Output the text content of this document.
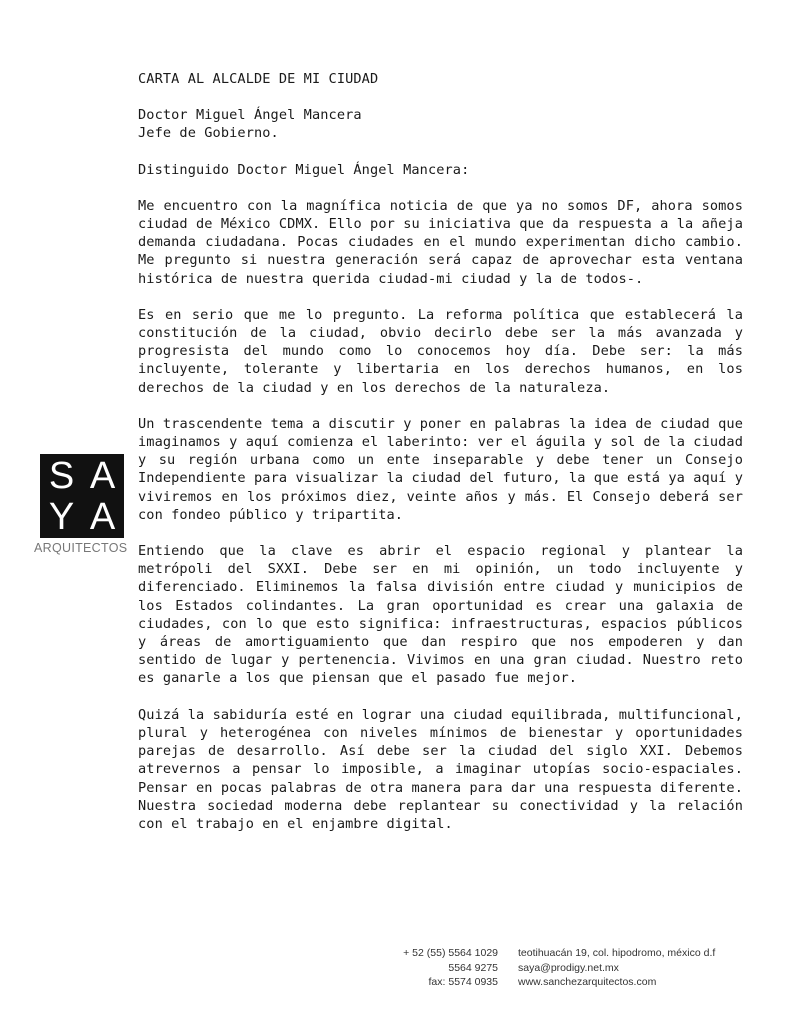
CARTA AL ALCALDE DE MI CIUDAD

Doctor Miguel Ángel Mancera
Jefe de Gobierno.

Distinguido Doctor Miguel Ángel Mancera:

Me encuentro con la magnífica noticia de que ya no somos DF, ahora somos ciudad de México CDMX. Ello por su iniciativa que da respuesta a la añeja demanda ciudadana. Pocas ciudades en el mundo experimentan dicho cambio. Me pregunto si nuestra generación será capaz de aprovechar esta ventana histórica de nuestra querida ciudad-mi ciudad y la de todos-.

Es en serio que me lo pregunto. La reforma política que establecerá la constitución de la ciudad, obvio decirlo debe ser la más avanzada y progresista del mundo como lo conocemos hoy día. Debe ser: la más incluyente, tolerante y libertaria en los derechos humanos, en los derechos de la ciudad y en los derechos de la naturaleza.

Un trascendente tema a discutir y poner en palabras la idea de ciudad que imaginamos y aquí comienza el laberinto: ver el águila y sol de la ciudad y su región urbana como un ente inseparable y debe tener un Consejo Independiente para visualizar la ciudad del futuro, la que está ya aquí y viviremos en los próximos diez, veinte años y más. El Consejo deberá ser con fondeo público y tripartita.

Entiendo que la clave es abrir el espacio regional y plantear la metrópoli del SXXI. Debe ser en mi opinión, un todo incluyente y diferenciado. Eliminemos la falsa división entre ciudad y municipios de los Estados colindantes. La gran oportunidad es crear una galaxia de ciudades, con lo que esto significa: infraestructuras, espacios públicos y áreas de amortiguamiento que dan respiro que nos empoderen y dan sentido de lugar y pertenencia. Vivimos en una gran ciudad. Nuestro reto es ganarle a los que piensan que el pasado fue mejor.

Quizá la sabiduría esté en lograr una ciudad equilibrada, multifuncional, plural y heterogénea con niveles mínimos de bienestar y oportunidades parejas de desarrollo. Así debe ser la ciudad del siglo XXI. Debemos atrevernos a pensar lo imposible, a imaginar utopías socio-espaciales. Pensar en pocas palabras de otra manera para dar una respuesta diferente. Nuestra sociedad moderna debe replantear su conectividad y la relación con el trabajo en el enjambre digital.

S A
Y A
ARQUITECTOS
+ 52 (55) 5564 1029
5564 9275
fax: 5574 0935
teotihuacán 19, col. hipodromo, méxico d.f
saya@prodigy.net.mx
www.sanchezarquitectos.com
